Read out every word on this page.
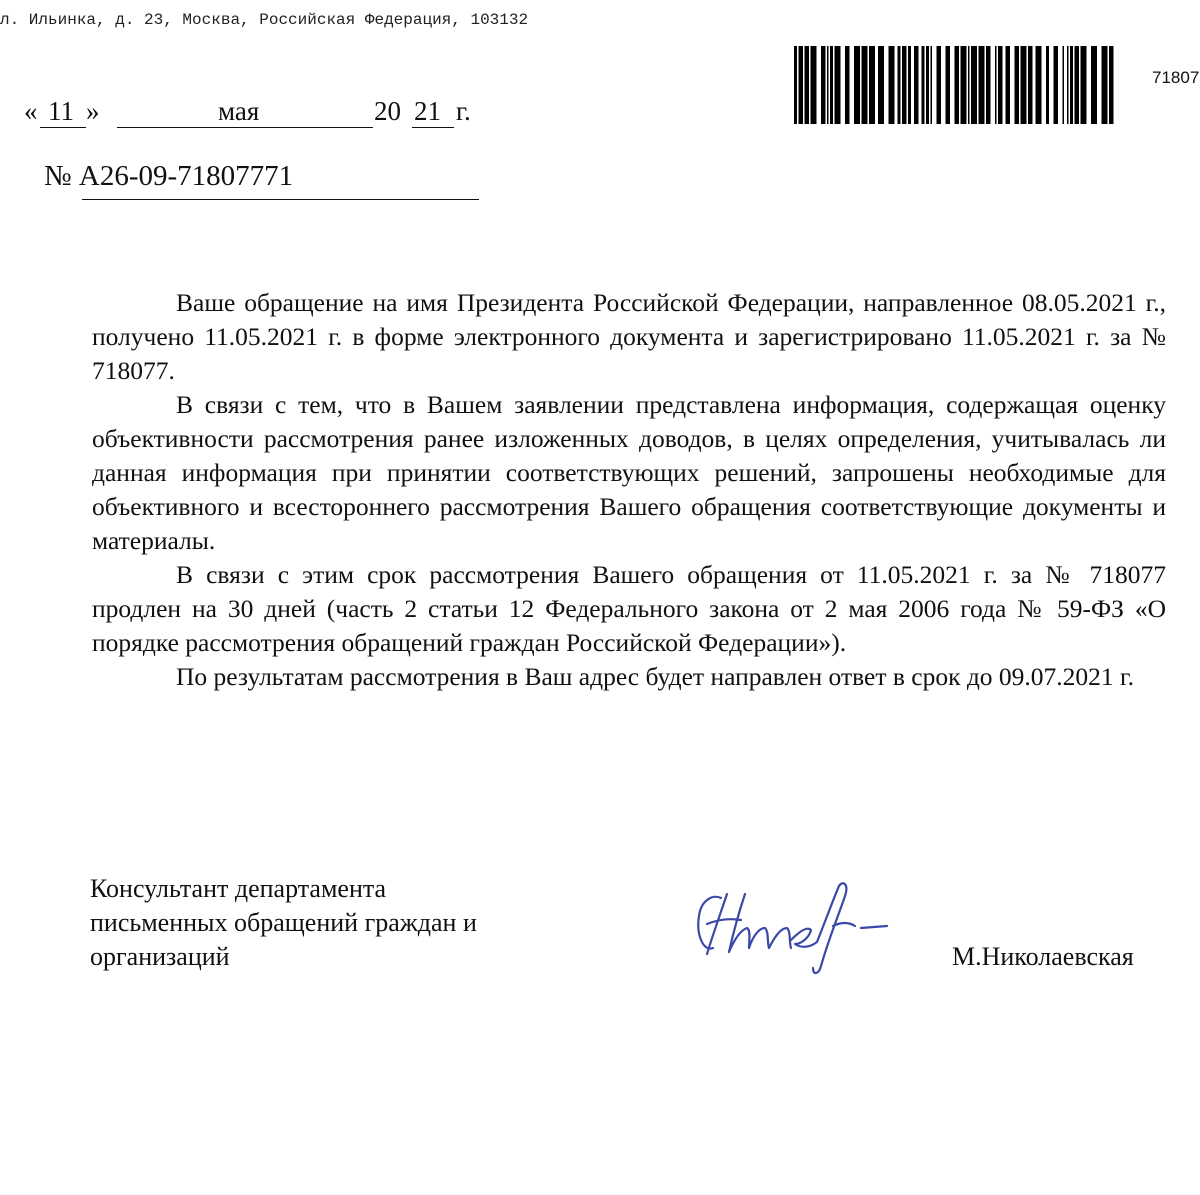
л. Ильинка, д. 23, Москва, Российская Федерация, 103132
71807
« 11 »	мая	20 21 г.
№ А26-09-71807771

Ваше обращение на имя Президента Российской Федерации, направленное 08.05.2021 г., получено 11.05.2021 г. в форме электронного документа и зарегистрировано 11.05.2021 г. за № 718077.

В связи с тем, что в Вашем заявлении представлена информация, содержащая оценку объективности рассмотрения ранее изложенных доводов, в целях определения, учитывалась ли данная информация при принятии соответствующих решений, запрошены необходимые для объективного и всестороннего рассмотрения Вашего обращения соответствующие документы и материалы.

В связи с этим срок рассмотрения Вашего обращения от 11.05.2021 г. за № 718077 продлен на 30 дней (часть 2 статьи 12 Федерального закона от 2 мая 2006 года № 59-ФЗ «О порядке рассмотрения обращений граждан Российской Федерации»).

По результатам рассмотрения в Ваш адрес будет направлен ответ в срок до 09.07.2021 г.

Консультант департамента
письменных обращений граждан и
организаций	М.Николаевская
